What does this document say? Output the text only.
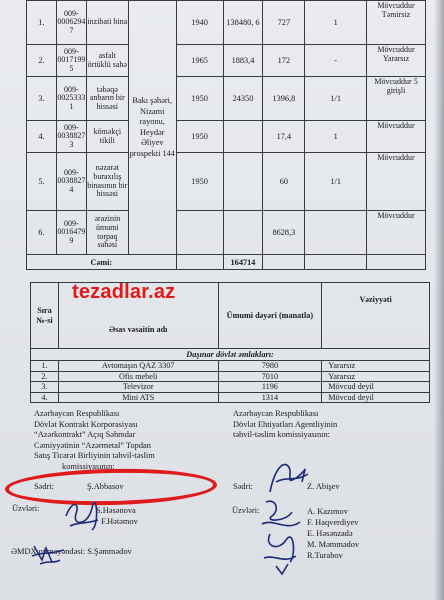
1.	009-0006294 7	inzibati bina	Bakı şəhəri, Nizami rayonu, Heydər Əliyev prospekti 144	1940	138480, 6	727	1	Mövcuddur Təmirsiz
2.	009-0017199 5	asfalt örtüklü sahə		1965	1883,4	172	-	Mövcuddur Yararsız
3.	009-0025333 1	təbəqə anbarın bir hissəsi		1950	24350	1396,8	1/1	Mövcuddur 5 girişli
4.	009-0038827 3	köməkçi tikili		1950		17,4	1	Mövcuddur
5.	009-0038827 4	nəzarət buraxılış binasının bir hissəsi		1950		60	1/1	Mövcuddur
6.	009-0016479 9	ərazinin ümumi torpaq sahəsi				8628,3		Mövcuddur
Cəmi:					164714			
Sıra №-si	Əsas vəsaitin adı	Ümumi dəyəri (manatla)	Vəziyyəti
Daşınar dövlət əmlakları:			
1.	Avtomaşın QAZ 3307	7980	Yararsız
2.	Ofis mebeli	7010	Yararsız
3.	Televizor	1196	Mövcud deyil
4.	Mini ATS	1314	Mövcud deyil
tezadlar.az
Azərbaycan Respublikası
Dövlət Kontrakt Korporasiyası
“Azərkontrakt” Açıq Səhmdar
Cəmiyyətinin “Azərmetal” Topdan
Satış Ticarət Birliyinin təhvil-təslim
komissiyasının:
Sədri:	Ş.Abbasov
Üzvləri:	S.Həsənova
F.Hətəmov
ƏMDX nümayəndəsi: S.Şəmmədov
Azərbaycan Respublikası
Dövlət Ehtiyatları Agentliyinin
təhvil-təslim komissiyasının:
Sədri:	Z. Abişev
Üzvləri:	A. Kazımov
F. Haqverdiyev
E. Həsənzadə
M. Məmmədov
R.Turabov
